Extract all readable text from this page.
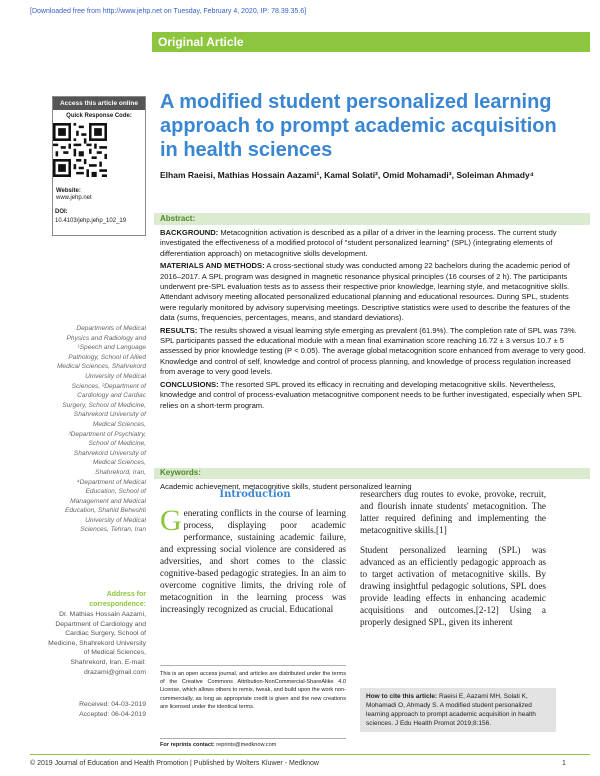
[Downloaded free from http://www.jehp.net on Tuesday, February 4, 2020, IP: 78.39.35.6]
Original Article
Access this article online
Quick Response Code:
Website:
www.jehp.net
DOI:
10.4103/jehp.jehp_102_19
A modified student personalized learning approach to prompt academic acquisition in health sciences
Elham Raeisi, Mathias Hossain Aazami¹, Kamal Solati², Omid Mohamadi³, Soleiman Ahmady⁴
Abstract:

BACKGROUND: Metacognition activation is described as a pillar of a driver in the learning process. The current study investigated the effectiveness of a modified protocol of "student personalized learning" (SPL) (integrating elements of differentiation approach) on metacognitive skills development.

MATERIALS AND METHODS: A cross-sectional study was conducted among 22 bachelors during the academic period of 2016–2017. A SPL program was designed in magnetic resonance physical principles (16 courses of 2 h). The participants underwent pre-SPL evaluation tests as to assess their respective prior knowledge, learning style, and metacognitive skills. Attendant advisory meeting allocated personalized educational planning and educational resources. During SPL, students were regularly monitored by advisory supervising meetings. Descriptive statistics were used to describe the features of the data (sums, frequencies, percentages, means, and standard deviations).

RESULTS: The results showed a visual learning style emerging as prevalent (61.9%). The completion rate of SPL was 73%. SPL participants passed the educational module with a mean final examination score reaching 16.72 ± 3 versus 10.7 ± 5 assessed by prior knowledge testing (P < 0.05). The average global metacognition score enhanced from average to very good. Knowledge and control of self, knowledge and control of process planning, and knowledge of process regulation increased from average to very good levels.

CONCLUSIONS: The resorted SPL proved its efficacy in recruiting and developing metacognitive skills. Nevertheless, knowledge and control of process-evaluation metacognitive component needs to be further investigated, especially when SPL relies on a short-term program.

Keywords:
Academic achievement, metacognitive skills, student personalized learning
Departments of Medical Physics and Radiology and ¹Speech and Language Pathology, School of Allied Medical Sciences, Shahrekord University of Medical Sciences, ²Department of Cardiology and Cardiac Surgery, School of Medicine, Shahrekord University of Medical Sciences, ³Department of Psychiatry, School of Medicine, Shahrekord University of Medical Sciences, Shahrekord, Iran, ⁴Department of Medical Education, School of Management and Medical Education, Shahid Beheshti University of Medical Sciences, Tehran, Iran
Address for correspondence:
Dr. Mathias Hossain Aazami, Department of Cardiology and Cardiac Surgery, School of Medicine, Shahrekord University of Medical Sciences, Shahrekord, Iran. E-mail: drazami@gmail.com
Received: 04-03-2019
Accepted: 06-04-2019
Introduction
Generating conflicts in the course of learning process, displaying poor academic performance, sustaining academic failure, and expressing social violence are considered as adversities, and short comes to the classic cognitive-based pedagogic strategies. In an aim to overcome cognitive limits, the driving role of metacognition in the learning process was increasingly recognized as crucial. Educational
This is an open access journal, and articles are distributed under the terms of the Creative Commons Attribution-NonCommercial-ShareAlike 4.0 License, which allows others to remix, tweak, and build upon the work non-commercially, as long as appropriate credit is given and the new creations are licensed under the identical terms.
For reprints contact: reprints@medknow.com

researchers dug routes to evoke, provoke, recruit, and flourish innate students' metacognition. The latter required defining and implementing the metacognitive skills.[1]

Student personalized learning (SPL) was advanced as an efficiently pedagogic approach as to target activation of metacognitive skills. By drawing insightful pedagogic solutions, SPL does provide leading effects in enhancing academic acquisitions and outcomes.[2-12] Using a properly designed SPL, given its inherent

How to cite this article: Raeisi E, Aazami MH, Solati K, Mohamadi O, Ahmady S. A modified student personalized learning approach to prompt academic acquisition in health sciences. J Edu Health Promot 2019;8:156.
© 2019 Journal of Education and Health Promotion | Published by Wolters Kluwer - Medknow	1
